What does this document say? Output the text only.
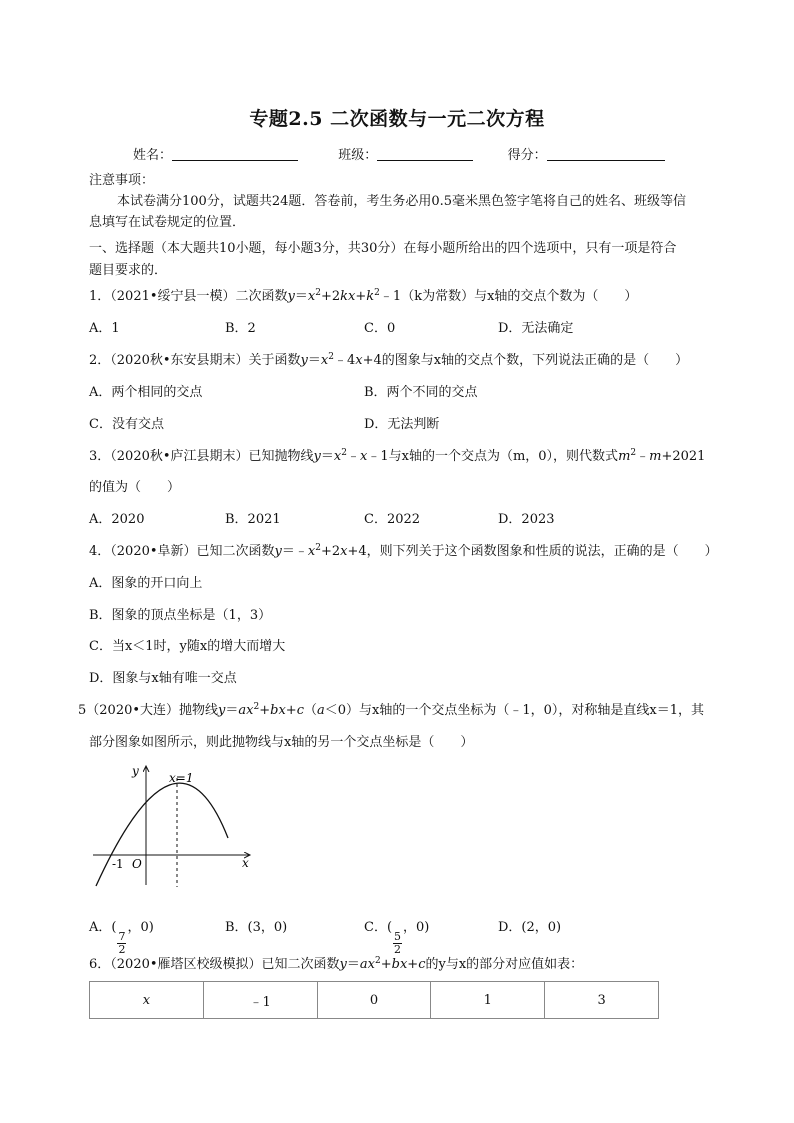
专题2.5 二次函数与一元二次方程
姓名：	班级：	得分：
注意事项：
本试卷满分100分，试题共24题．答卷前，考生务必用0.5毫米黑色签字笔将自己的姓名、班级等信
息填写在试卷规定的位置．
一、选择题（本大题共10小题，每小题3分，共30分）在每小题所给出的四个选项中，只有一项是符合
题目要求的．
1．（2021•绥宁县一模）二次函数$y=x^2+2kx+k^2﹣1(k$为常数）与x轴的交点个数为（　　）
A．1	B．2	C．0	D．无法确定
2．（2020秋•东安县期末）关于函数$y=x^2﹣4x+4$的图象与x轴的交点个数，下列说法正确的是（　　）
A．两个相同的交点	B．两个不同的交点
C．没有交点	D．无法判断
3．（2020秋•庐江县期末）已知抛物线$y=x^2﹣x﹣1$与x轴的一个交点为（m，0），则代数式$m^2﹣m+2021$
的值为（　　）
A．2020	B．2021	C．2022	D．2023
4．（2020•阜新）已知二次函数$y=﹣x^2+2x+4$，则下列关于这个函数图象和性质的说法，正确的是（　　）
A．图象的开口向上
B．图象的顶点坐标是（1，3）
C．当x＜1时，y随x的增大而增大
D．图象与x轴有唯一交点
5（2020•大连）抛物线$y=ax^2+bx+c(a<0)$与x轴的一个交点坐标为（﹣1，0），对称轴是直线x＝1，其
部分图象如图所示，则此抛物线与x轴的另一个交点坐标是（　　）
y
x
O
-1
x=1
A．(
$\frac{7}{2}$
，0)	B．(3，0)	C．(
$\frac{5}{2}$
，0)	D．(2，0)
6．（2020•雁塔区校级模拟）已知二次函数$y=ax^2+bx+c$的y与x的部分对应值如表：
x	﹣1	0	1	3
